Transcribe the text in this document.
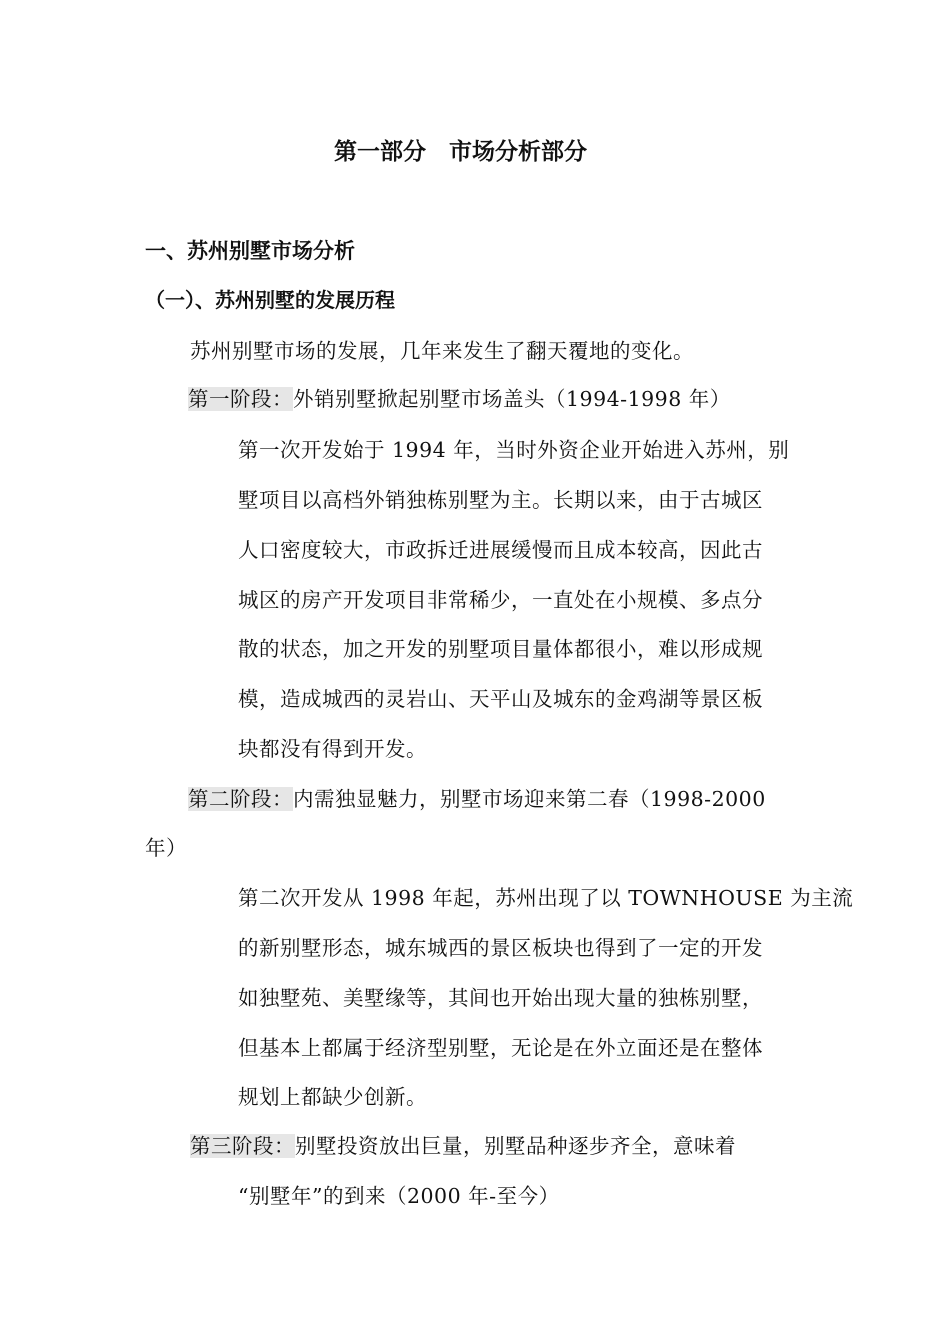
第一部分　市场分析部分
一、苏州别墅市场分析
（一）、苏州别墅的发展历程
苏州别墅市场的发展，几年来发生了翻天覆地的变化。
第一阶段：外销别墅掀起别墅市场盖头（1994-1998 年）
第一次开发始于 1994 年，当时外资企业开始进入苏州，别
墅项目以高档外销独栋别墅为主。长期以来，由于古城区
人口密度较大，市政拆迁进展缓慢而且成本较高，因此古
城区的房产开发项目非常稀少，一直处在小规模、多点分
散的状态，加之开发的别墅项目量体都很小，难以形成规
模，造成城西的灵岩山、天平山及城东的金鸡湖等景区板
块都没有得到开发。
第二阶段：内需独显魅力，别墅市场迎来第二春（1998-2000
年）
第二次开发从 1998 年起，苏州出现了以 TOWNHOUSE 为主流
的新别墅形态，城东城西的景区板块也得到了一定的开发
如独墅苑、美墅缘等，其间也开始出现大量的独栋别墅，
但基本上都属于经济型别墅，无论是在外立面还是在整体
规划上都缺少创新。
第三阶段：别墅投资放出巨量，别墅品种逐步齐全，意味着
“别墅年”的到来（2000 年-至今）
